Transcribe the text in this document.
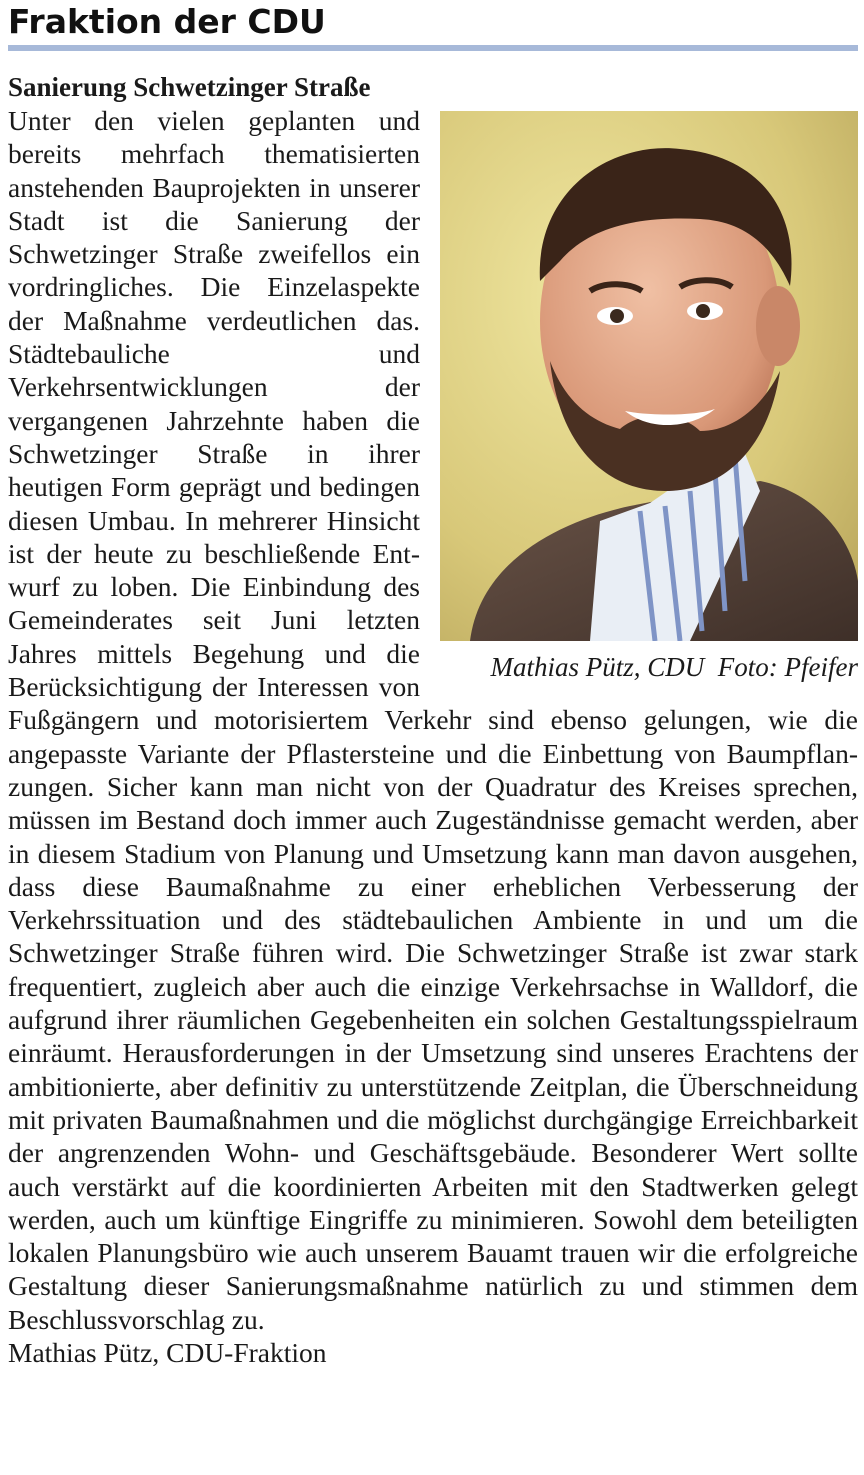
Fraktion der CDU
Sanierung Schwetzinger Straße

Mathias Pütz, CDU  Foto: Pfeifer

Unter den vielen geplanten und bereits mehrfach thematisierten anstehenden Bauprojekten in unserer Stadt ist die Sanierung der Schwetzinger Straße zweifellos ein vordringliches. Die Einzelaspekte der Maßnahme verdeutlichen das. Städtebauliche und Verkehrsentwicklungen der vergangenen Jahrzehnte haben die Schwetzinger Straße in ihrer heutigen Form geprägt und bedingen diesen Umbau. In mehrerer Hinsicht ist der heute zu beschließende Entwurf zu loben. Die Einbindung des Gemeinderates seit Juni letzten Jahres mittels Begehung und die Berücksichtigung der Interessen von Fußgängern und motorisiertem Verkehr sind ebenso gelungen, wie die angepasste Variante der Pflastersteine und die Einbettung von Baumpflanzungen. Sicher kann man nicht von der Quadratur des Kreises sprechen, müssen im Bestand doch immer auch Zugeständnisse gemacht werden, aber in diesem Stadium von Planung und Umsetzung kann man davon ausgehen, dass diese Baumaßnahme zu einer erheblichen Verbesserung der Verkehrssituation und des städtebaulichen Ambiente in und um die Schwetzinger Straße führen wird. Die Schwetzinger Straße ist zwar stark frequentiert, zugleich aber auch die einzige Verkehrsachse in Walldorf, die aufgrund ihrer räumlichen Gegebenheiten ein solchen Gestaltungsspielraum einräumt. Herausforderungen in der Umsetzung sind unseres Erachtens der ambitionierte, aber definitiv zu unterstützende Zeitplan, die Überschneidung mit privaten Baumaßnahmen und die möglichst durchgängige Erreichbarkeit der angrenzenden Wohn- und Geschäftsgebäude. Besonderer Wert sollte auch verstärkt auf die koordinierten Arbeiten mit den Stadtwerken gelegt werden, auch um künftige Eingriffe zu minimieren. Sowohl dem beteiligten lokalen Planungsbüro wie auch unserem Bauamt trauen wir die erfolgreiche Gestaltung dieser Sanierungsmaßnahme natürlich zu und stimmen dem Beschlussvorschlag zu.
Mathias Pütz, CDU-Fraktion
